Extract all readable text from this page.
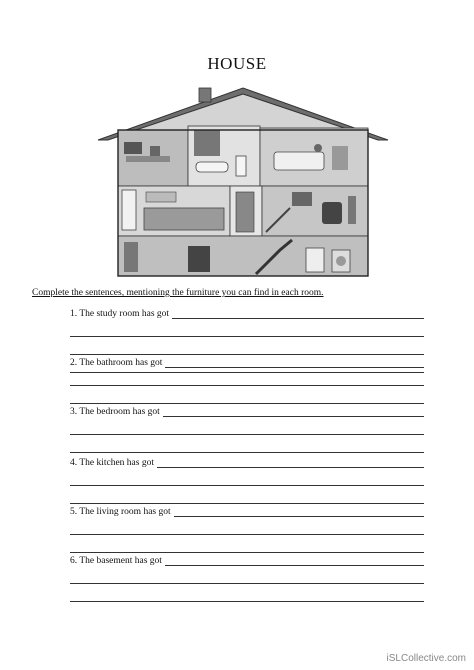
HOUSE
Complete the sentences, mentioning the furniture you can find in each room.
1. The study room has got
2. The bathroom has got
3. The bedroom has got
4. The kitchen has got
5. The living room has got
6. The basement has got
iSLCollective.com
